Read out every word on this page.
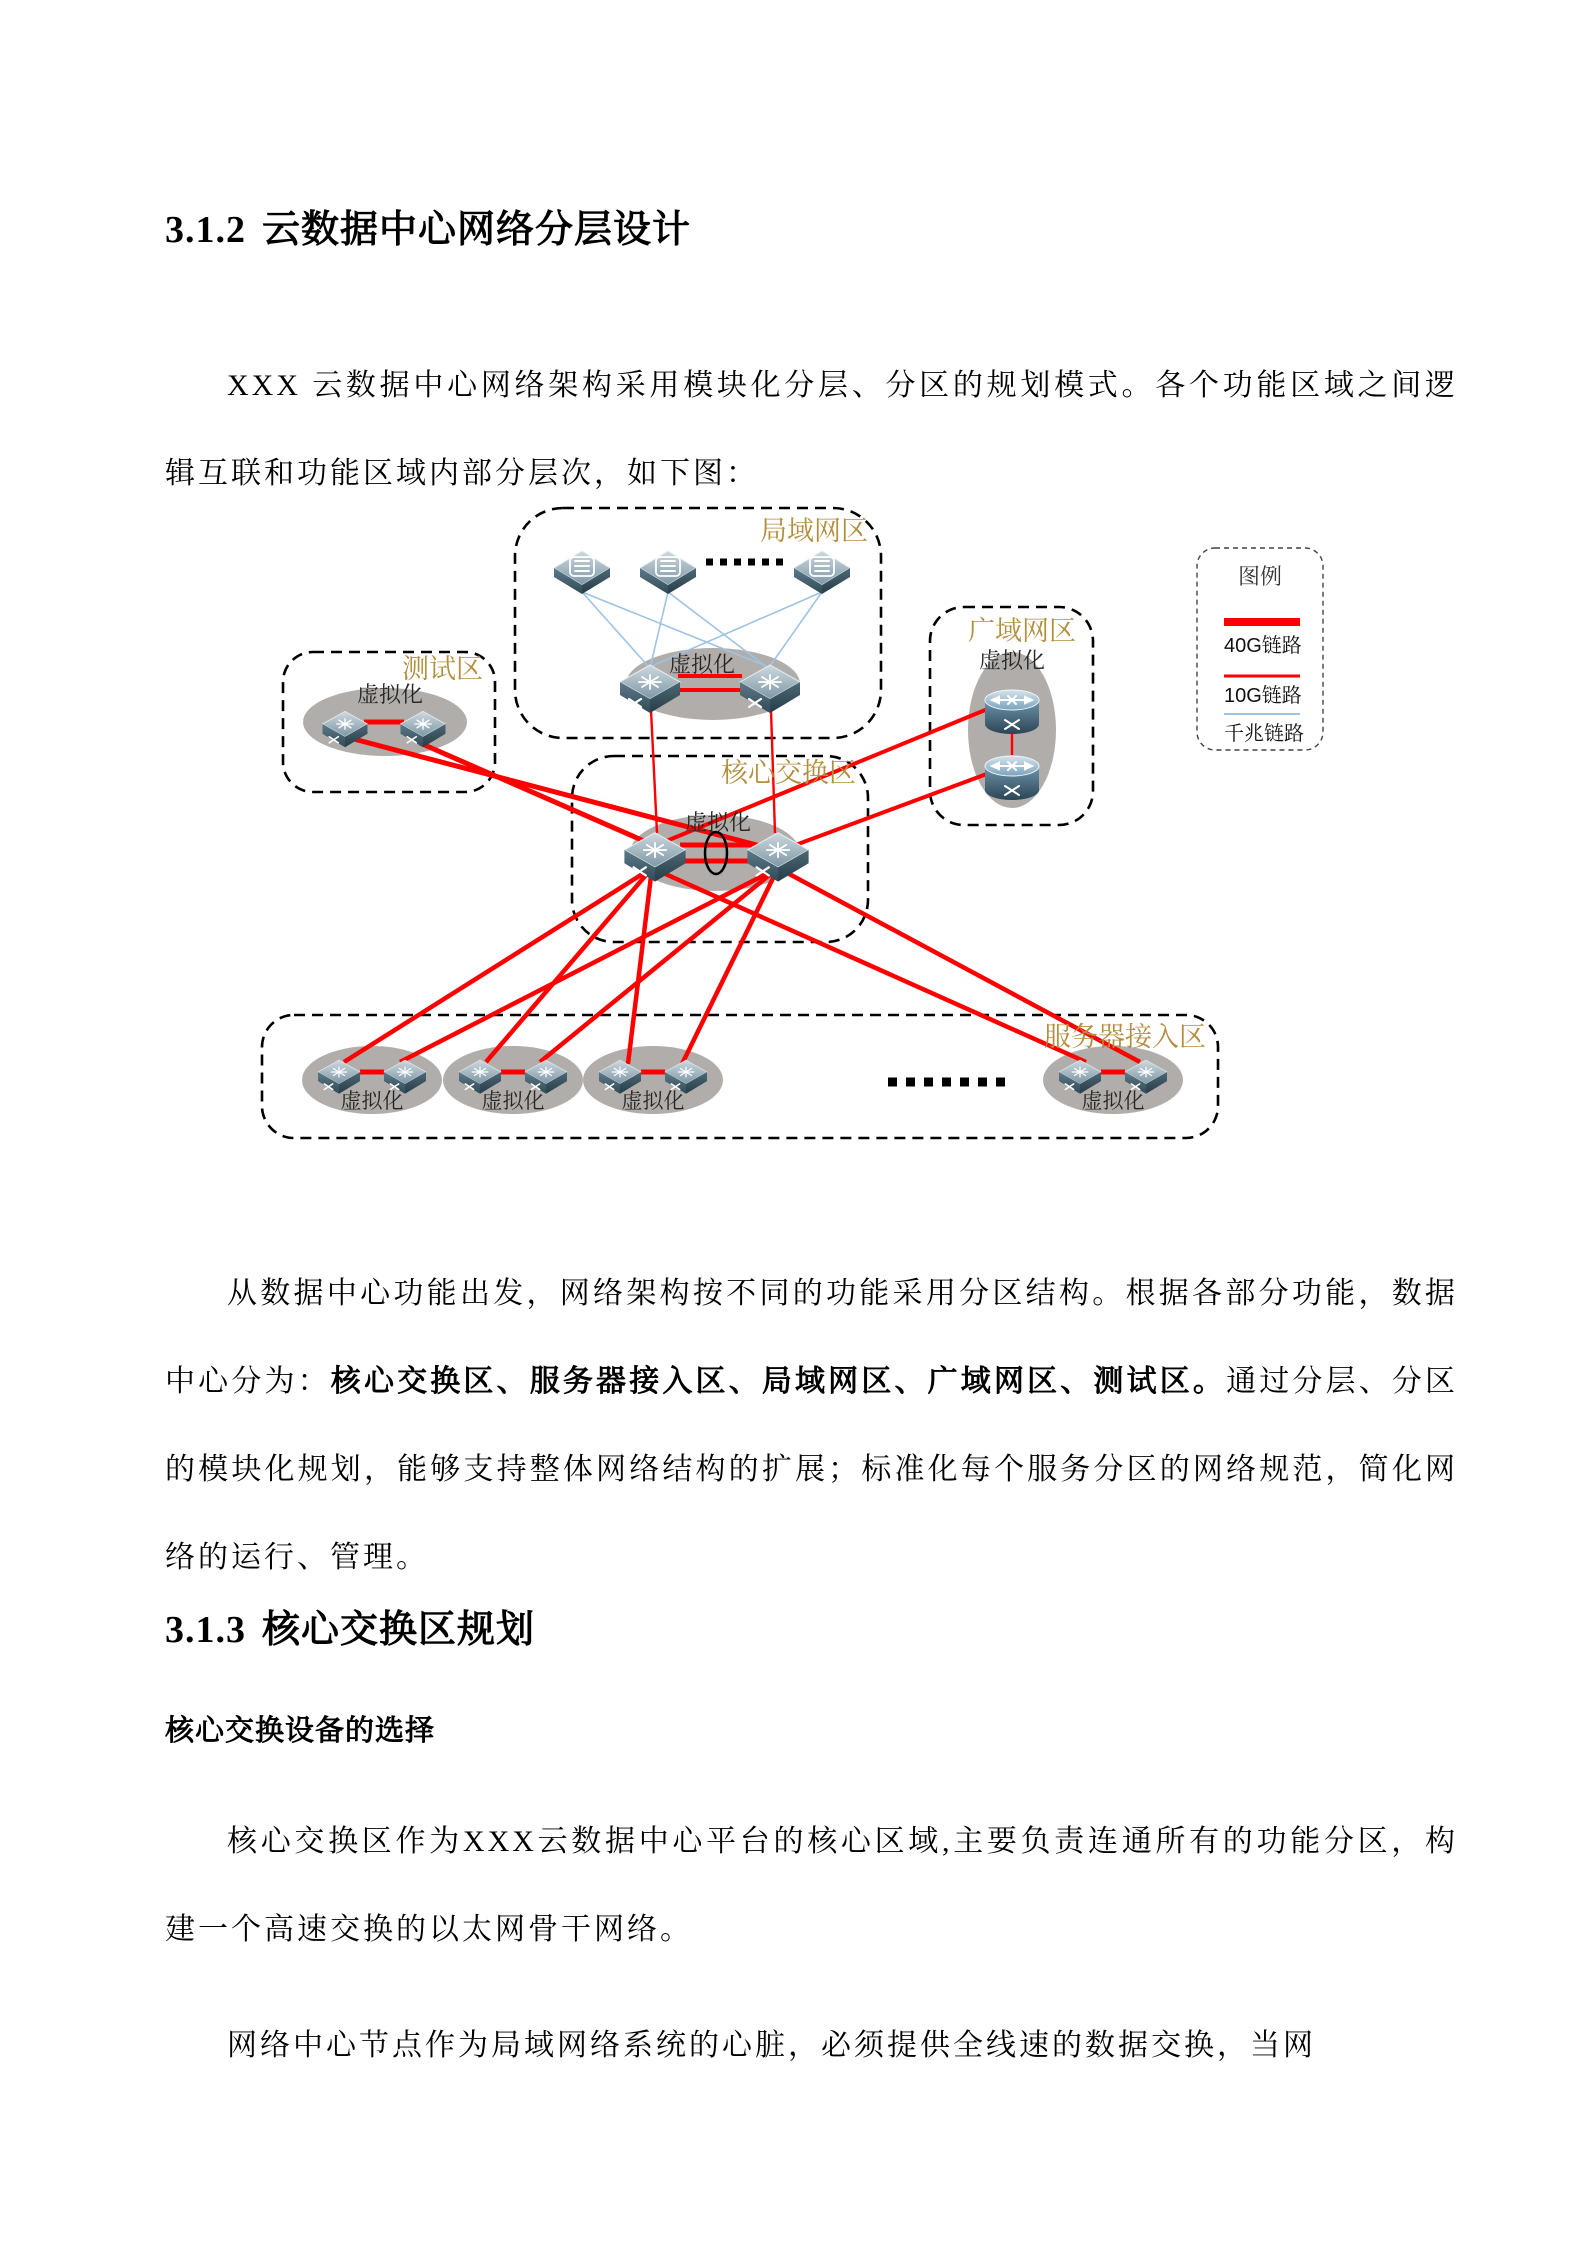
3.1.2 云数据中心网络分层设计

XXX 云数据中心网络架构采用模块化分层、分区的规划模式。各个功能区域之间逻辑互联和功能区域内部分层次，如下图：

局域网区
测试区
广域网区
核心交换区
服务器接入区
虚拟化
虚拟化
虚拟化
虚拟化
虚拟化	虚拟化	虚拟化	虚拟化
图例
40G链路
10G链路
千兆链路

从数据中心功能出发，网络架构按不同的功能采用分区结构。根据各部分功能，数据中心分为：核心交换区、服务器接入区、局域网区、广域网区、测试区。通过分层、分区的模块化规划，能够支持整体网络结构的扩展；标准化每个服务分区的网络规范，简化网络的运行、管理。

3.1.3 核心交换区规划
核心交换设备的选择

核心交换区作为XXX云数据中心平台的核心区域,主要负责连通所有的功能分区，构建一个高速交换的以太网骨干网络。

网络中心节点作为局域网络系统的心脏，必须提供全线速的数据交换，当网
